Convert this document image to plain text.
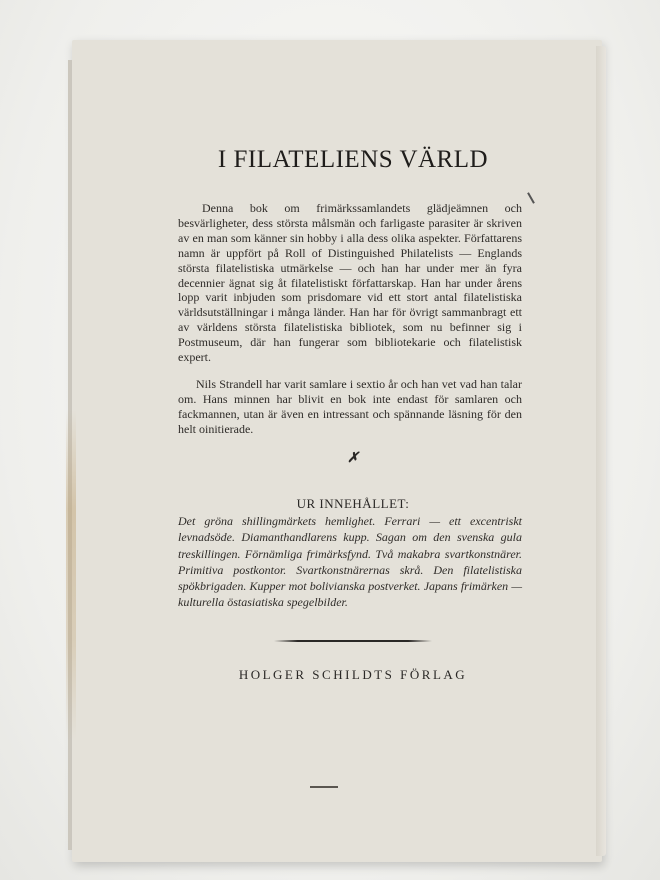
I FILATELIENS VÄRLD
Denna bok om frimärkssamlandets glädjeämnen och besvärligheter, dess största målsmän och farligaste parasiter är skriven av en man som känner sin hobby i alla dess olika aspekter. Författarens namn är uppfört på Roll of Distinguished Philatelists — Englands största filatelistiska utmärkelse — och han har under mer än fyra decennier ägnat sig åt filatelistiskt författarskap. Han har under årens lopp varit inbjuden som prisdomare vid ett stort antal filatelistiska världsutställningar i många länder. Han har för övrigt sammanbragt ett av världens största filatelistiska bibliotek, som nu befinner sig i Postmuseum, där han fungerar som bibliotekarie och filatelistisk expert.
Nils Strandell har varit samlare i sextio år och han vet vad han talar om. Hans minnen har blivit en bok inte endast för samlaren och fackmannen, utan är även en intressant och spännande läsning för den helt oinitierade.
✗
UR INNEHÅLLET:
Det gröna shillingmärkets hemlighet. Ferrari — ett excentriskt levnadsöde. Diamanthandlarens kupp. Sagan om den svenska gula treskillingen. Förnämliga frimärksfynd. Två makabra svartkonstnärer. Primitiva postkontor. Svartkonstnärernas skrå. Den filatelistiska spökbrigaden. Kupper mot bolivianska postverket. Japans frimärken — kulturella östasiatiska spegelbilder.
HOLGER SCHILDTS FÖRLAG
